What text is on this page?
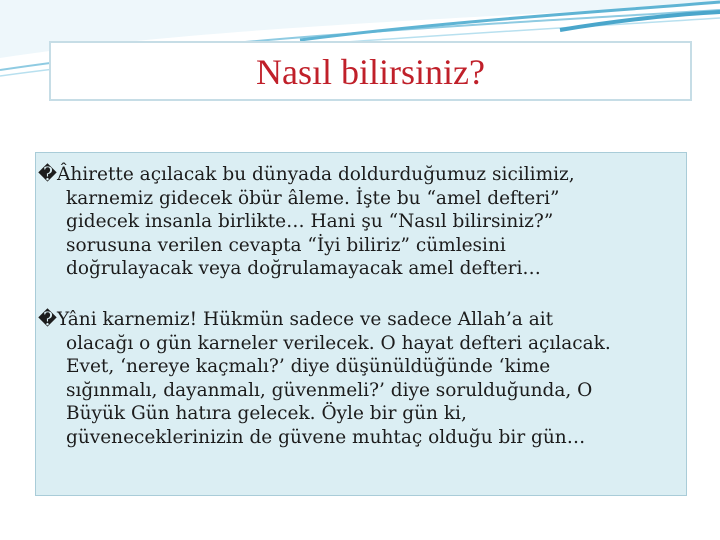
Nasıl bilirsiniz?
�Âhirette açılacak bu dünyada doldurduğumuz sicilimiz,
karnemiz gidecek öbür âleme. İşte bu “amel defteri”
gidecek insanla birlikte… Hani şu “Nasıl bilirsiniz?”
sorusuna verilen cevapta “İyi biliriz” cümlesini
doğrulayacak veya doğrulamayacak amel defteri…
�Yâni karnemiz! Hükmün sadece ve sadece Allah’a ait
olacağı o gün karneler verilecek. O hayat defteri açılacak.
Evet, ‘nereye kaçmalı?’ diye düşünüldüğünde ‘kime
sığınmalı, dayanmalı, güvenmeli?’ diye sorulduğunda, O
Büyük Gün hatıra gelecek. Öyle bir gün ki,
güveneceklerinizin de güvene muhtaç olduğu bir gün…
